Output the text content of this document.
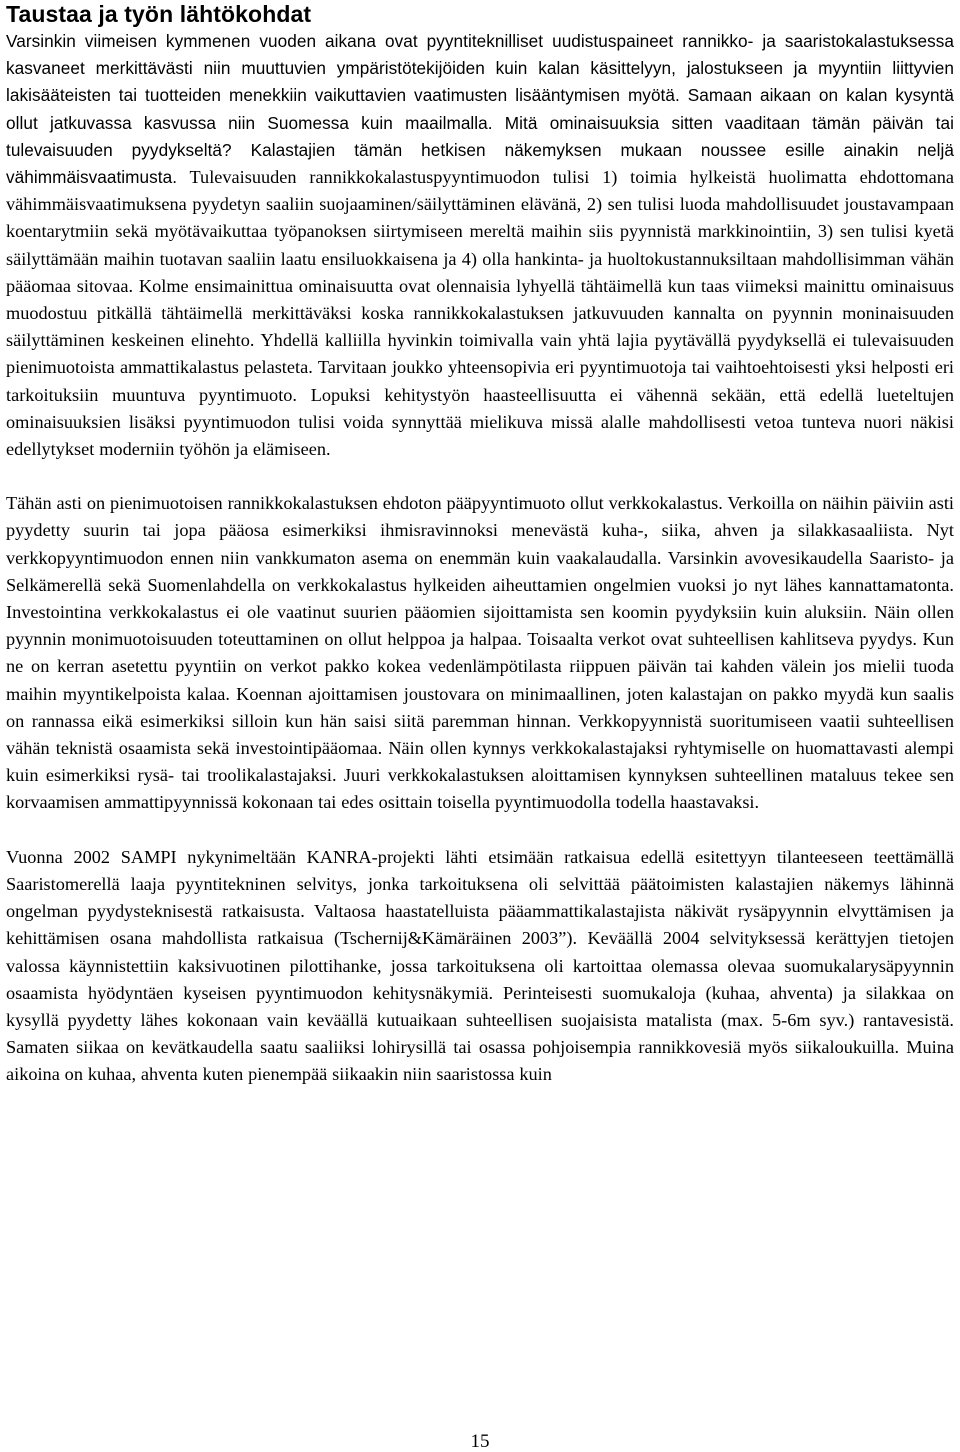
Taustaa ja työn lähtökohdat

Varsinkin viimeisen kymmenen vuoden aikana ovat pyyntiteknilliset uudistuspaineet rannikko- ja saaristokalastuksessa kasvaneet merkittävästi niin muuttuvien ympäristötekijöiden kuin kalan käsittelyyn, jalostukseen ja myyntiin liittyvien lakisääteisten tai tuotteiden menekkiin vaikuttavien vaatimusten lisääntymisen myötä. Samaan aikaan on kalan kysyntä ollut jatkuvassa kasvussa niin Suomessa kuin maailmalla. Mitä ominaisuuksia sitten vaaditaan tämän päivän tai tulevaisuuden pyydykseltä? Kalastajien tämän hetkisen näkemyksen mukaan noussee esille ainakin neljä vähimmäisvaatimusta. Tulevaisuuden rannikkokalastuspyyntimuodon tulisi 1) toimia hylkeistä huolimatta ehdottomana vähimmäisvaatimuksena pyydetyn saaliin suojaaminen/säilyttäminen elävänä, 2) sen tulisi luoda mahdollisuudet joustavampaan koentarytmiin sekä myötävaikuttaa työpanoksen siirtymiseen mereltä maihin siis pyynnistä markkinointiin, 3) sen tulisi kyetä säilyttämään maihin tuotavan saaliin laatu ensiluokkaisena ja 4) olla hankinta- ja huoltokustannuksiltaan mahdollisimman vähän pääomaa sitovaa. Kolme ensimainittua ominaisuutta ovat olennaisia lyhyellä tähtäimellä kun taas viimeksi mainittu ominaisuus muodostuu pitkällä tähtäimellä merkittäväksi koska rannikkokalastuksen jatkuvuuden kannalta on pyynnin moninaisuuden säilyttäminen keskeinen elinehto. Yhdellä kalliilla hyvinkin toimivalla vain yhtä lajia pyytävällä pyydyksellä ei tulevaisuuden pienimuotoista ammattikalastus pelasteta. Tarvitaan joukko yhteensopivia eri pyyntimuotoja tai vaihtoehtoisesti yksi helposti eri tarkoituksiin muuntuva pyyntimuoto. Lopuksi kehitystyön haasteellisuutta ei vähennä sekään, että edellä lueteltujen ominaisuuksien lisäksi pyyntimuodon tulisi voida synnyttää mielikuva missä alalle mahdollisesti vetoa tunteva nuori näkisi edellytykset moderniin työhön ja elämiseen.

Tähän asti on pienimuotoisen rannikkokalastuksen ehdoton pääpyyntimuoto ollut verkkokalastus. Verkoilla on näihin päiviin asti pyydetty suurin tai jopa pääosa esimerkiksi ihmisravinnoksi menevästä kuha-, siika, ahven ja silakkasaaliista. Nyt verkkopyyntimuodon ennen niin vankkumaton asema on enemmän kuin vaakalaudalla. Varsinkin avovesikaudella Saaristo- ja Selkämerellä sekä Suomenlahdella on verkkokalastus hylkeiden aiheuttamien ongelmien vuoksi jo nyt lähes kannattamatonta. Investointina verkkokalastus ei ole vaatinut suurien pääomien sijoittamista sen koomin pyydyksiin kuin aluksiin. Näin ollen pyynnin monimuotoisuuden toteuttaminen on ollut helppoa ja halpaa. Toisaalta verkot ovat suhteellisen kahlitseva pyydys. Kun ne on kerran asetettu pyyntiin on verkot pakko kokea vedenlämpötilasta riippuen päivän tai kahden välein jos mielii tuoda maihin myyntikelpoista kalaa. Koennan ajoittamisen joustovara on minimaallinen, joten kalastajan on pakko myydä kun saalis on rannassa eikä esimerkiksi silloin kun hän saisi siitä paremman hinnan. Verkkopyynnistä suoritumiseen vaatii suhteellisen vähän teknistä osaamista sekä investointipääomaa. Näin ollen kynnys verkkokalastajaksi ryhtymiselle on huomattavasti alempi kuin esimerkiksi rysä- tai troolikalastajaksi. Juuri verkkokalastuksen aloittamisen kynnyksen suhteellinen mataluus tekee sen korvaamisen ammattipyynnissä kokonaan tai edes osittain toisella pyyntimuodolla todella haastavaksi.

Vuonna 2002 SAMPI nykynimeltään KANRA-projekti lähti etsimään ratkaisua edellä esitettyyn tilanteeseen teettämällä Saaristomerellä laaja pyyntitekninen selvitys, jonka tarkoituksena oli selvittää päätoimisten kalastajien näkemys lähinnä ongelman pyydysteknisestä ratkaisusta. Valtaosa haastatelluista pääammattikalastajista näkivät rysäpyynnin elvyttämisen ja kehittämisen osana mahdollista ratkaisua (Tschernij&Kämäräinen 2003”). Keväällä 2004 selvityksessä kerättyjen tietojen valossa käynnistettiin kaksivuotinen pilottihanke, jossa tarkoituksena oli kartoittaa olemassa olevaa suomukalarysäpyynnin osaamista hyödyntäen kyseisen pyyntimuodon kehitysnäkymiä. Perinteisesti suomukaloja (kuhaa, ahventa) ja silakkaa on kysyllä pyydetty lähes kokonaan vain keväällä kutuaikaan suhteellisen suojaisista matalista (max. 5-6m syv.) rantavesistä. Samaten siikaa on kevätkaudella saatu saaliiksi lohirysillä tai osassa pohjoisempia rannikkovesiä myös siikaloukuilla. Muina aikoina on kuhaa, ahventa kuten pienempää siikaakin niin saaristossa kuin

15
